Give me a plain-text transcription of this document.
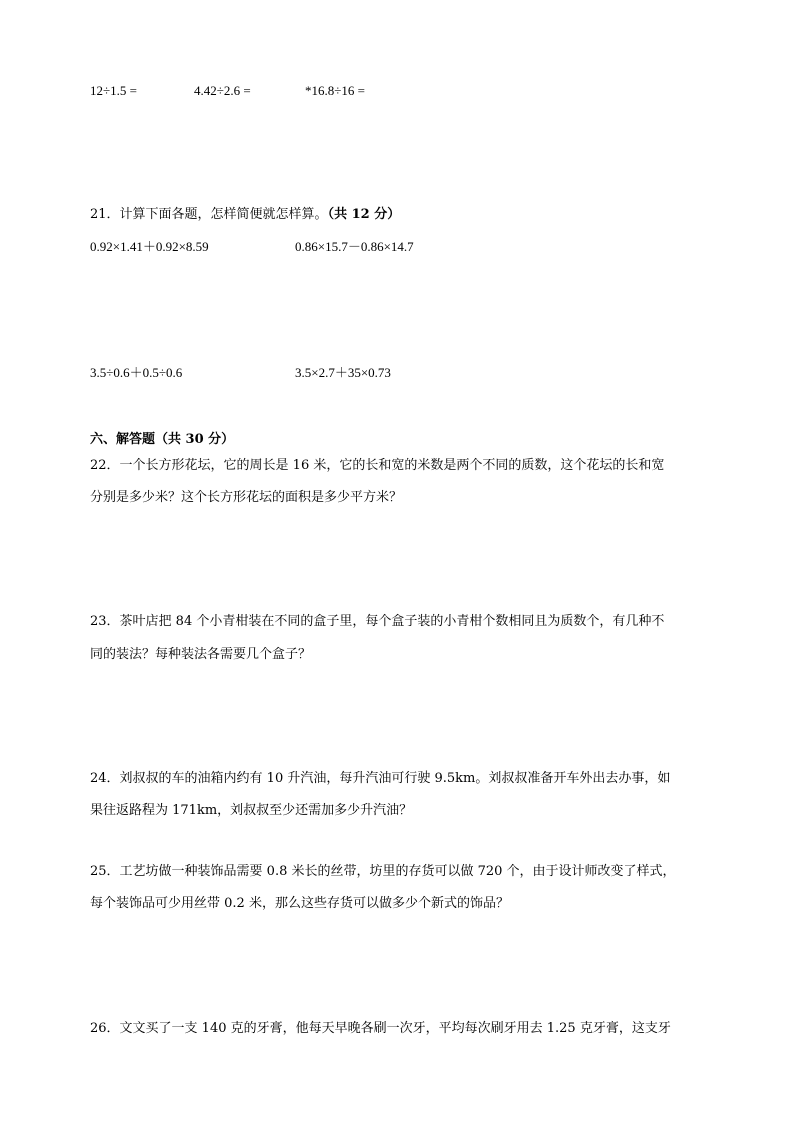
12÷1.5 =	4.42÷2.6 =	*16.8÷16 =
21．计算下面各题，怎样简便就怎样算。（共 12 分）
0.92×1.41＋0.92×8.59	0.86×15.7－0.86×14.7
3.5÷0.6＋0.5÷0.6	3.5×2.7＋35×0.73
六、解答题（共 30 分）
22．一个长方形花坛，它的周长是 16 米，它的长和宽的米数是两个不同的质数，这个花坛的长和宽
分别是多少米？这个长方形花坛的面积是多少平方米？
23．茶叶店把 84 个小青柑装在不同的盒子里，每个盒子装的小青柑个数相同且为质数个，有几种不
同的装法？每种装法各需要几个盒子？
24．刘叔叔的车的油箱内约有 10 升汽油，每升汽油可行驶 9.5km。刘叔叔准备开车外出去办事，如
果往返路程为 171km，刘叔叔至少还需加多少升汽油？
25．工艺坊做一种装饰品需要 0.8 米长的丝带，坊里的存货可以做 720 个，由于设计师改变了样式，
每个装饰品可少用丝带 0.2 米，那么这些存货可以做多少个新式的饰品？
26．文文买了一支 140 克的牙膏，他每天早晚各刷一次牙，平均每次刷牙用去 1.25 克牙膏，这支牙
